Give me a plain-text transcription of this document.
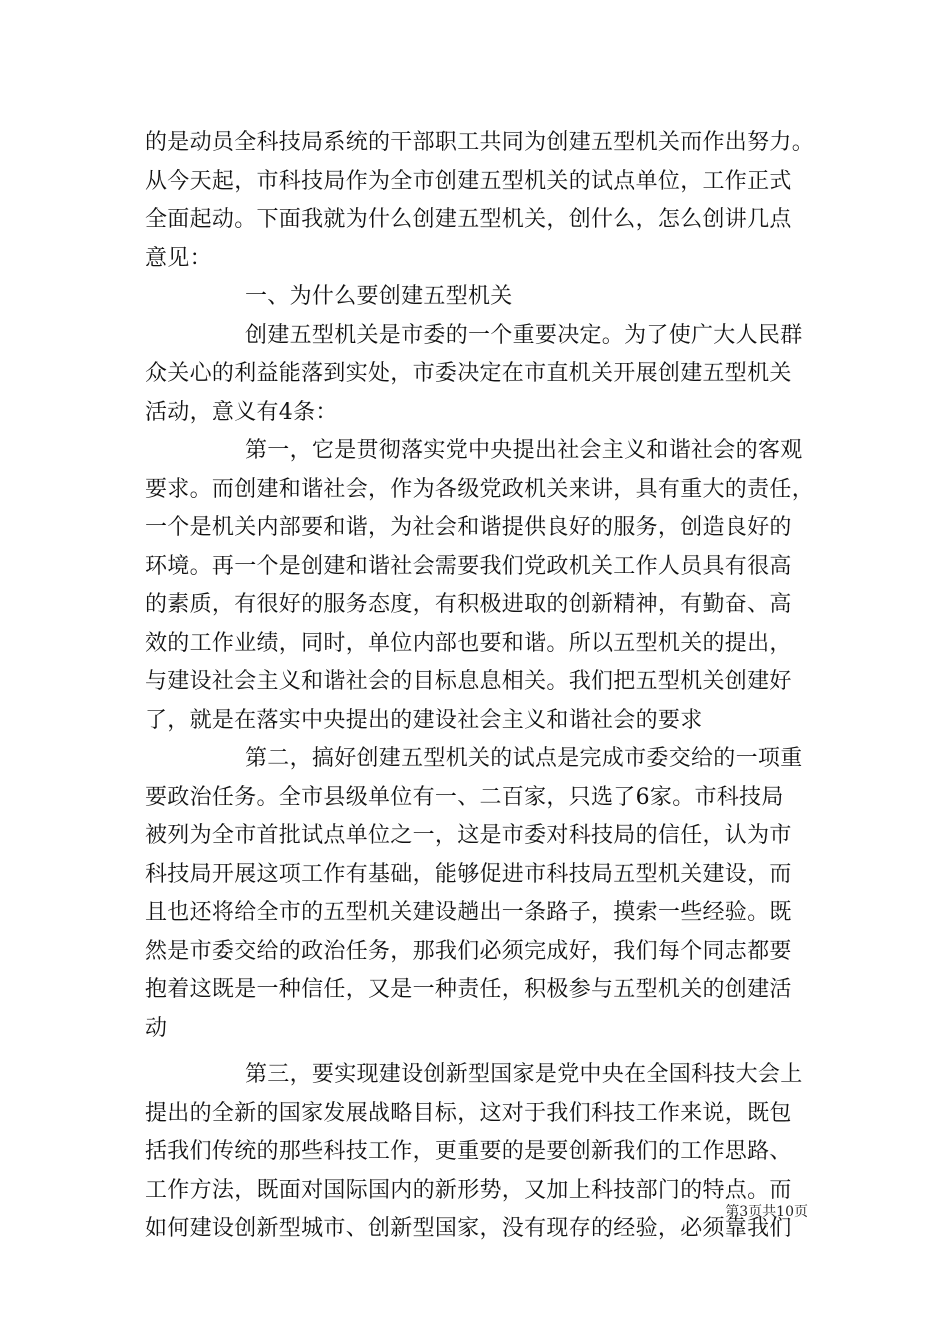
的是动员全科技局系统的干部职工共同为创建五型机关而作出努力。
从今天起，市科技局作为全市创建五型机关的试点单位，工作正式
全面起动。下面我就为什么创建五型机关，创什么，怎么创讲几点
意见：
一、为什么要创建五型机关
创建五型机关是市委的一个重要决定。为了使广大人民群
众关心的利益能落到实处，市委决定在市直机关开展创建五型机关
活动，意义有4条：
第一，它是贯彻落实党中央提出社会主义和谐社会的客观
要求。而创建和谐社会，作为各级党政机关来讲，具有重大的责任，
一个是机关内部要和谐，为社会和谐提供良好的服务，创造良好的
环境。再一个是创建和谐社会需要我们党政机关工作人员具有很高
的素质，有很好的服务态度，有积极进取的创新精神，有勤奋、高
效的工作业绩，同时，单位内部也要和谐。所以五型机关的提出，
与建设社会主义和谐社会的目标息息相关。我们把五型机关创建好
了，就是在落实中央提出的建设社会主义和谐社会的要求
第二，搞好创建五型机关的试点是完成市委交给的一项重
要政治任务。全市县级单位有一、二百家，只选了6家。市科技局
被列为全市首批试点单位之一，这是市委对科技局的信任，认为市
科技局开展这项工作有基础，能够促进市科技局五型机关建设，而
且也还将给全市的五型机关建设趟出一条路子，摸索一些经验。既
然是市委交给的政治任务，那我们必须完成好，我们每个同志都要
抱着这既是一种信任，又是一种责任，积极参与五型机关的创建活
动
第三，要实现建设创新型国家是党中央在全国科技大会上
提出的全新的国家发展战略目标，这对于我们科技工作来说，既包
括我们传统的那些科技工作，更重要的是要创新我们的工作思路、
工作方法，既面对国际国内的新形势，又加上科技部门的特点。而
如何建设创新型城市、创新型国家，没有现存的经验，必须靠我们
第3页共10页
